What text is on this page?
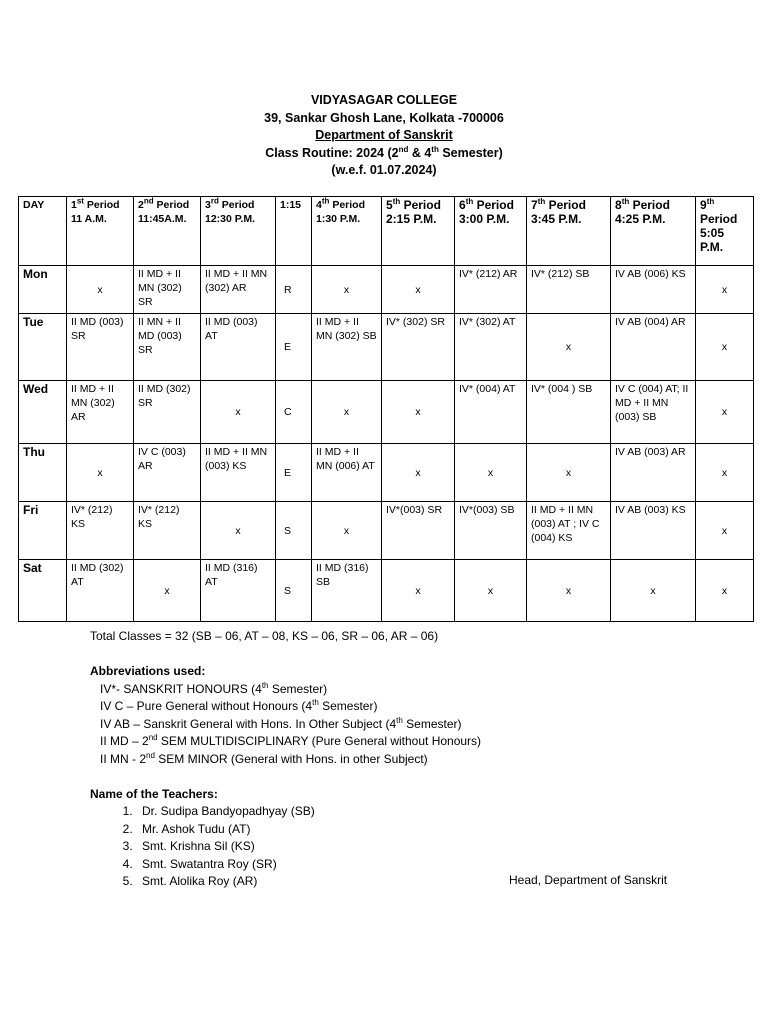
VIDYASAGAR COLLEGE
39, Sankar Ghosh Lane, Kolkata -700006
Department of Sanskrit
Class Routine: 2024 (2nd & 4th Semester)
(w.e.f. 01.07.2024)
DAY	1st Period 11 A.M.	2nd Period 11:45A.M.	3rd Period 12:30 P.M.	1:15	4th Period 1:30 P.M.	5th Period 2:15 P.M.	6th Period 3:00 P.M.	7th Period 3:45 P.M.	8th Period 4:25 P.M.	9th Period 5:05 P.M.
Mon	x	II MD + II MN (302) SR	II MD + II MN (302) AR	R	x	x	IV* (212) AR	IV* (212) SB	IV AB (006) KS	x
Tue	II MD (003) SR	II MN + II MD (003) SR	II MD (003) AT	E	II MD + II MN (302) SB	IV* (302) SR	IV* (302) AT	x	IV AB (004) AR	x
Wed	II MD + II MN (302) AR	II MD (302) SR	x	C	x	x	IV* (004) AT	IV* (004 ) SB	IV C (004) AT; II MD + II MN (003) SB	x
Thu	x	IV C (003) AR	II MD + II MN (003) KS	E	II MD + II MN (006) AT	x	x	x	IV AB (003) AR	x
Fri	IV* (212) KS	IV* (212) KS	x	S	x	IV*(003) SR	IV*(003) SB	II MD + II MN (003) AT ; IV C (004) KS	IV AB (003) KS	x
Sat	II MD (302) AT	x	II MD (316) AT	S	II MD (316) SB	x	x	x	x	x
Total Classes = 32 (SB – 06, AT – 08, KS – 06, SR – 06, AR – 06)
Abbreviations used:
IV*- SANSKRIT HONOURS (4th Semester)
IV C – Pure General without Honours (4th Semester)
IV AB – Sanskrit General with Hons. In Other Subject (4th Semester)
II MD – 2nd SEM MULTIDISCIPLINARY (Pure General without Honours)
II MN - 2nd SEM MINOR (General with Hons. in other Subject)
Name of the Teachers:
1. Dr. Sudipa Bandyopadhyay (SB)
2. Mr. Ashok Tudu (AT)
3. Smt. Krishna Sil (KS)
4. Smt. Swatantra Roy (SR)
5. Smt. Alolika Roy (AR)	Head, Department of Sanskrit
